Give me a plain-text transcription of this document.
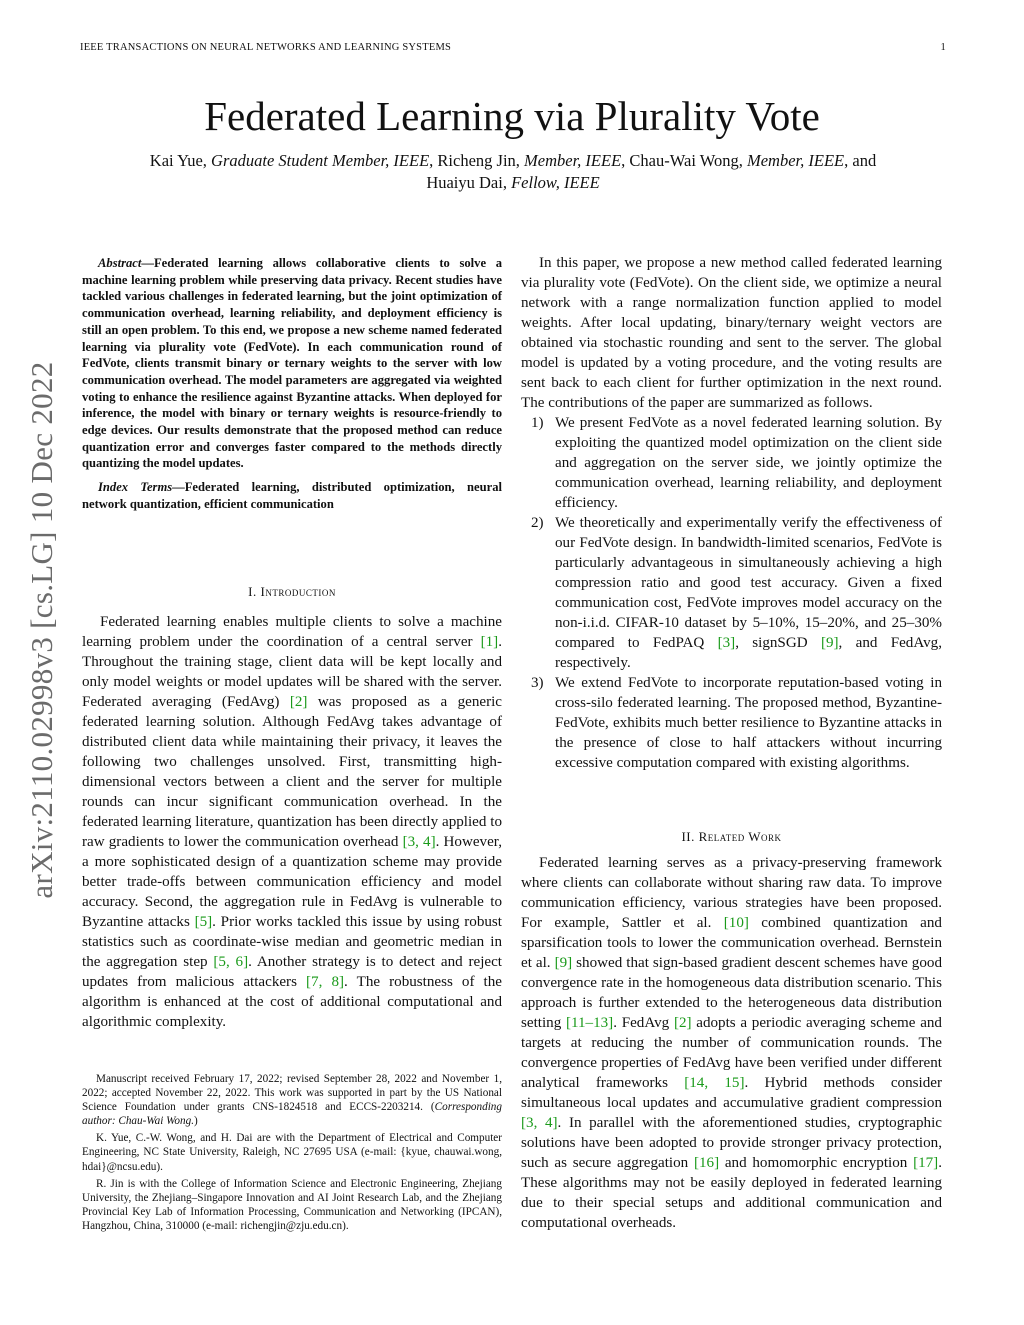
IEEE TRANSACTIONS ON NEURAL NETWORKS AND LEARNING SYSTEMS	1
Federated Learning via Plurality Vote
Kai Yue, Graduate Student Member, IEEE, Richeng Jin, Member, IEEE, Chau-Wai Wong, Member, IEEE, and
Huaiyu Dai, Fellow, IEEE
arXiv:2110.02998v3 [cs.LG] 10 Dec 2022

Abstract—Federated learning allows collaborative clients to solve a machine learning problem while preserving data privacy. Recent studies have tackled various challenges in federated learning, but the joint optimization of communication overhead, learning reliability, and deployment efficiency is still an open problem. To this end, we propose a new scheme named federated learning via plurality vote (FedVote). In each communication round of FedVote, clients transmit binary or ternary weights to the server with low communication overhead. The model parameters are aggregated via weighted voting to enhance the resilience against Byzantine attacks. When deployed for inference, the model with binary or ternary weights is resource-friendly to edge devices. Our results demonstrate that the proposed method can reduce quantization error and converges faster compared to the methods directly quantizing the model updates.

Index Terms—Federated learning, distributed optimization, neural network quantization, efficient communication

I. Introduction

Federated learning enables multiple clients to solve a machine learning problem under the coordination of a central server [1]. Throughout the training stage, client data will be kept locally and only model weights or model updates will be shared with the server. Federated averaging (FedAvg) [2] was proposed as a generic federated learning solution. Although FedAvg takes advantage of distributed client data while maintaining their privacy, it leaves the following two challenges unsolved. First, transmitting high-dimensional vectors between a client and the server for multiple rounds can incur significant communication overhead. In the federated learning literature, quantization has been directly applied to raw gradients to lower the communication overhead [3, 4]. However, a more sophisticated design of a quantization scheme may provide better trade-offs between communication efficiency and model accuracy. Second, the aggregation rule in FedAvg is vulnerable to Byzantine attacks [5]. Prior works tackled this issue by using robust statistics such as coordinate-wise median and geometric median in the aggregation step [5, 6]. Another strategy is to detect and reject updates from malicious attackers [7, 8]. The robustness of the algorithm is enhanced at the cost of additional computational and algorithmic complexity.

Manuscript received February 17, 2022; revised September 28, 2022 and November 1, 2022; accepted November 22, 2022. This work was supported in part by the US National Science Foundation under grants CNS-1824518 and ECCS-2203214. (Corresponding author: Chau-Wai Wong.)

K. Yue, C.-W. Wong, and H. Dai are with the Department of Electrical and Computer Engineering, NC State University, Raleigh, NC 27695 USA (e-mail: {kyue, chauwai.wong, hdai}@ncsu.edu).

R. Jin is with the College of Information Science and Electronic Engineering, Zhejiang University, the Zhejiang–Singapore Innovation and AI Joint Research Lab, and the Zhejiang Provincial Key Lab of Information Processing, Communication and Networking (IPCAN), Hangzhou, China, 310000 (e-mail: richengjin@zju.edu.cn).

In this paper, we propose a new method called federated learning via plurality vote (FedVote). On the client side, we optimize a neural network with a range normalization function applied to model weights. After local updating, binary/ternary weight vectors are obtained via stochastic rounding and sent to the server. The global model is updated by a voting procedure, and the voting results are sent back to each client for further optimization in the next round. The contributions of the paper are summarized as follows.

1) We present FedVote as a novel federated learning solution. By exploiting the quantized model optimization on the client side and aggregation on the server side, we jointly optimize the communication overhead, learning reliability, and deployment efficiency.
2) We theoretically and experimentally verify the effectiveness of our FedVote design. In bandwidth-limited scenarios, FedVote is particularly advantageous in simultaneously achieving a high compression ratio and good test accuracy. Given a fixed communication cost, FedVote improves model accuracy on the non-i.i.d. CIFAR-10 dataset by 5–10%, 15–20%, and 25–30% compared to FedPAQ [3], signSGD [9], and FedAvg, respectively.
3) We extend FedVote to incorporate reputation-based voting in cross-silo federated learning. The proposed method, Byzantine-FedVote, exhibits much better resilience to Byzantine attacks in the presence of close to half attackers without incurring excessive computation compared with existing algorithms.
II. Related Work

Federated learning serves as a privacy-preserving framework where clients can collaborate without sharing raw data. To improve communication efficiency, various strategies have been proposed. For example, Sattler et al. [10] combined quantization and sparsification tools to lower the communication overhead. Bernstein et al. [9] showed that sign-based gradient descent schemes have good convergence rate in the homogeneous data distribution scenario. This approach is further extended to the heterogeneous data distribution setting [11–13]. FedAvg [2] adopts a periodic averaging scheme and targets at reducing the number of communication rounds. The convergence properties of FedAvg have been verified under different analytical frameworks [14, 15]. Hybrid methods consider simultaneous local updates and accumulative gradient compression [3, 4]. In parallel with the aforementioned studies, cryptographic solutions have been adopted to provide stronger privacy protection, such as secure aggregation [16] and homomorphic encryption [17]. These algorithms may not be easily deployed in federated learning due to their special setups and additional communication and computational overheads.
